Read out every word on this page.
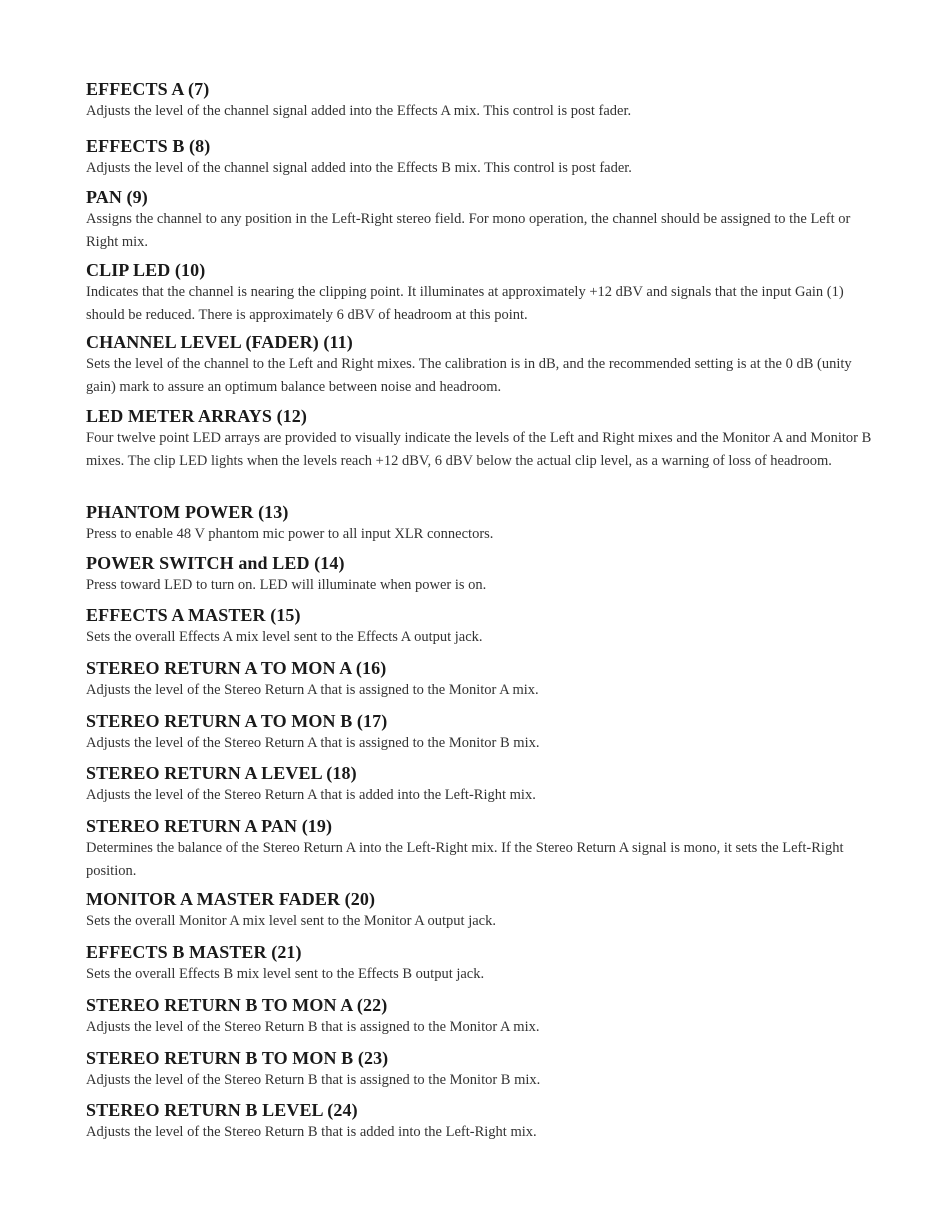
EFFECTS A (7)

Adjusts the level of the channel signal added into the Effects A mix. This control is post fader.

EFFECTS B (8)

Adjusts the level of the channel signal added into the Effects B mix. This control is post fader.

PAN (9)

Assigns the channel to any position in the Left-Right stereo field. For mono operation, the channel should be assigned to the Left or Right mix.

CLIP LED (10)

Indicates that the channel is nearing the clipping point. It illuminates at approximately +12 dBV and signals that the input Gain (1) should be reduced. There is approximately 6 dBV of headroom at this point.

CHANNEL LEVEL (FADER) (11)

Sets the level of the channel to the Left and Right mixes. The calibration is in dB, and the recommended setting is at the 0 dB (unity gain) mark to assure an optimum balance between noise and headroom.

LED METER ARRAYS (12)

Four twelve point LED arrays are provided to visually indicate the levels of the Left and Right mixes and the Monitor A and Monitor B mixes. The clip LED lights when the levels reach +12 dBV, 6 dBV below the actual clip level, as a warning of loss of headroom.

PHANTOM POWER (13)

Press to enable 48 V phantom mic power to all input XLR connectors.

POWER SWITCH and LED (14)

Press toward LED to turn on. LED will illuminate when power is on.

EFFECTS A MASTER (15)

Sets the overall Effects A mix level sent to the Effects A output jack.

STEREO RETURN A TO MON A (16)

Adjusts the level of the Stereo Return A that is assigned to the Monitor A mix.

STEREO RETURN A TO MON B (17)

Adjusts the level of the Stereo Return A that is assigned to the Monitor B mix.

STEREO RETURN A LEVEL (18)

Adjusts the level of the Stereo Return A that is added into the Left-Right mix.

STEREO RETURN A PAN (19)

Determines the balance of the Stereo Return A into the Left-Right mix. If the Stereo Return A signal is mono, it sets the Left-Right position.

MONITOR A MASTER FADER (20)

Sets the overall Monitor A mix level sent to the Monitor A output jack.

EFFECTS B MASTER (21)

Sets the overall Effects B mix level sent to the Effects B output jack.

STEREO RETURN B TO MON A (22)

Adjusts the level of the Stereo Return B that is assigned to the Monitor A mix.

STEREO RETURN B TO MON B (23)

Adjusts the level of the Stereo Return B that is assigned to the Monitor B mix.

STEREO RETURN B LEVEL (24)

Adjusts the level of the Stereo Return B that is added into the Left-Right mix.
